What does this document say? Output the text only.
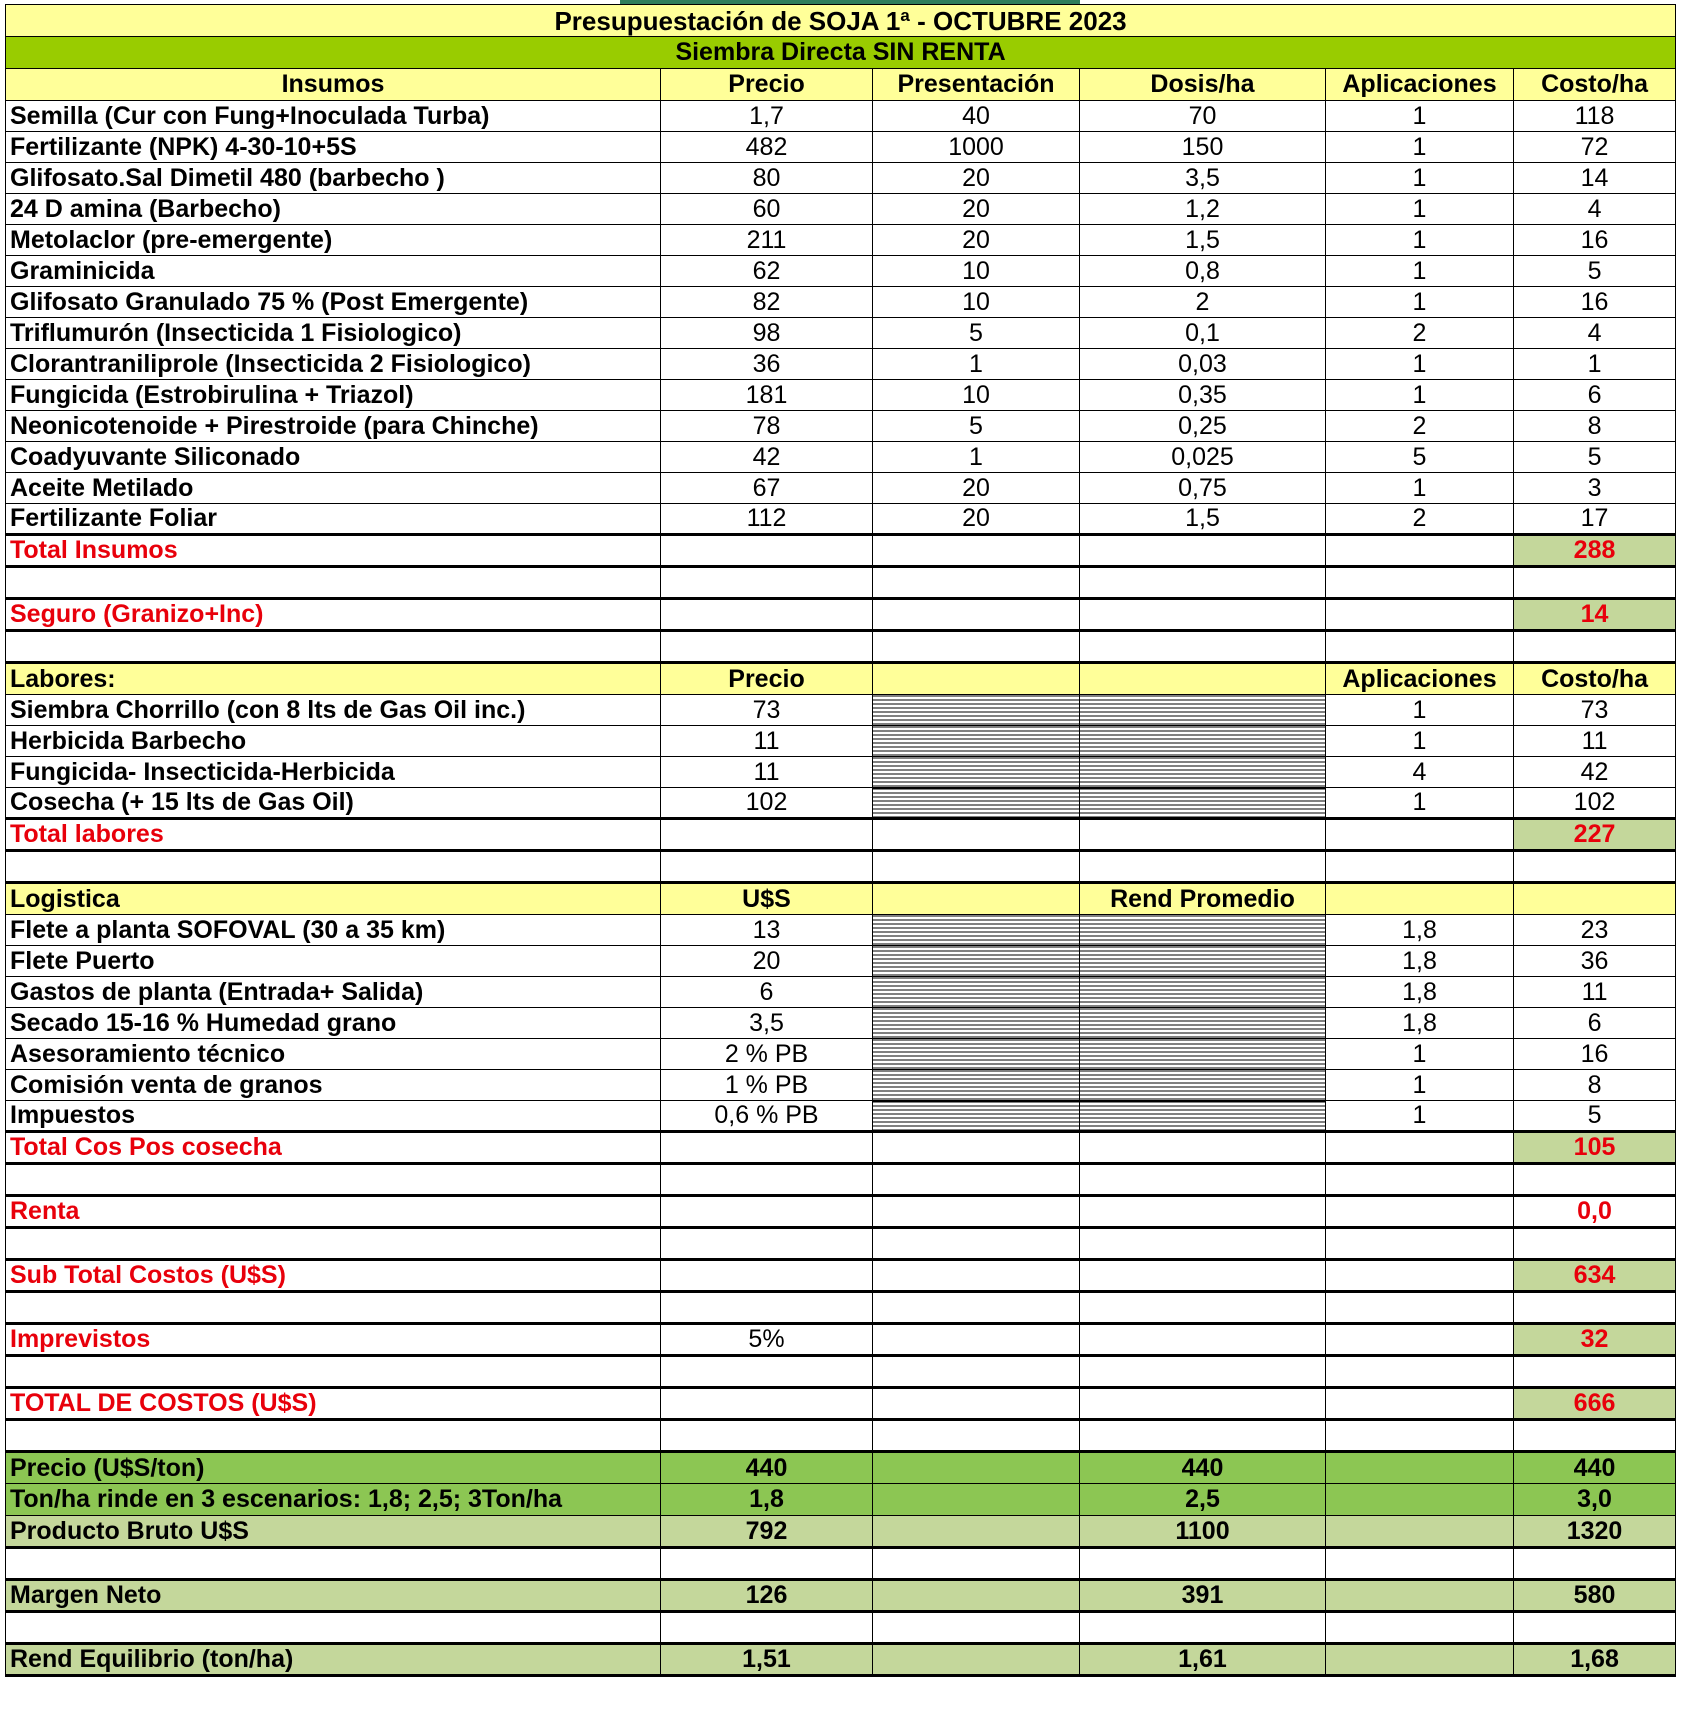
Presupuestación de SOJA 1ª - OCTUBRE 2023					
Siembra Directa SIN RENTA					
Insumos	Precio	Presentación	Dosis/ha	Aplicaciones	Costo/ha
Semilla (Cur con Fung+Inoculada Turba)	1,7	40	70	1	118
Fertilizante (NPK) 4-30-10+5S	482	1000	150	1	72
Glifosato.Sal Dimetil 480 (barbecho )	80	20	3,5	1	14
24 D amina (Barbecho)	60	20	1,2	1	4
Metolaclor (pre-emergente)	211	20	1,5	1	16
Graminicida	62	10	0,8	1	5
Glifosato Granulado 75 % (Post Emergente)	82	10	2	1	16
Triflumurón (Insecticida 1 Fisiologico)	98	5	0,1	2	4
Clorantraniliprole (Insecticida 2 Fisiologico)	36	1	0,03	1	1
Fungicida (Estrobirulina + Triazol)	181	10	0,35	1	6
Neonicotenoide + Pirestroide (para Chinche)	78	5	0,25	2	8
Coadyuvante Siliconado	42	1	0,025	5	5
Aceite Metilado	67	20	0,75	1	3
Fertilizante Foliar	112	20	1,5	2	17
Total Insumos					288

Seguro (Granizo+Inc)					14

Labores:	Precio			Aplicaciones	Costo/ha
Siembra Chorrillo (con 8 lts de Gas Oil inc.)	73			1	73
Herbicida Barbecho	11			1	11
Fungicida- Insecticida-Herbicida	11			4	42
Cosecha (+ 15 lts de Gas Oil)	102			1	102
Total labores					227

Logistica	U$S		Rend Promedio		
Flete a planta SOFOVAL (30 a 35 km)	13			1,8	23
Flete Puerto	20			1,8	36
Gastos de planta (Entrada+ Salida)	6			1,8	11
Secado 15-16 % Humedad grano	3,5			1,8	6
Asesoramiento técnico	2 % PB			1	16
Comisión venta de granos	1 % PB			1	8
Impuestos	0,6 % PB			1	5
Total Cos Pos cosecha					105

Renta					0,0

Sub Total Costos (U$S)					634

Imprevistos	5%				32

TOTAL DE COSTOS (U$S)					666

Precio (U$S/ton)	440		440		440
Ton/ha rinde en 3 escenarios: 1,8; 2,5; 3Ton/ha	1,8		2,5		3,0
Producto Bruto U$S	792		1100		1320

Margen Neto	126		391		580

Rend Equilibrio (ton/ha)	1,51		1,61		1,68
